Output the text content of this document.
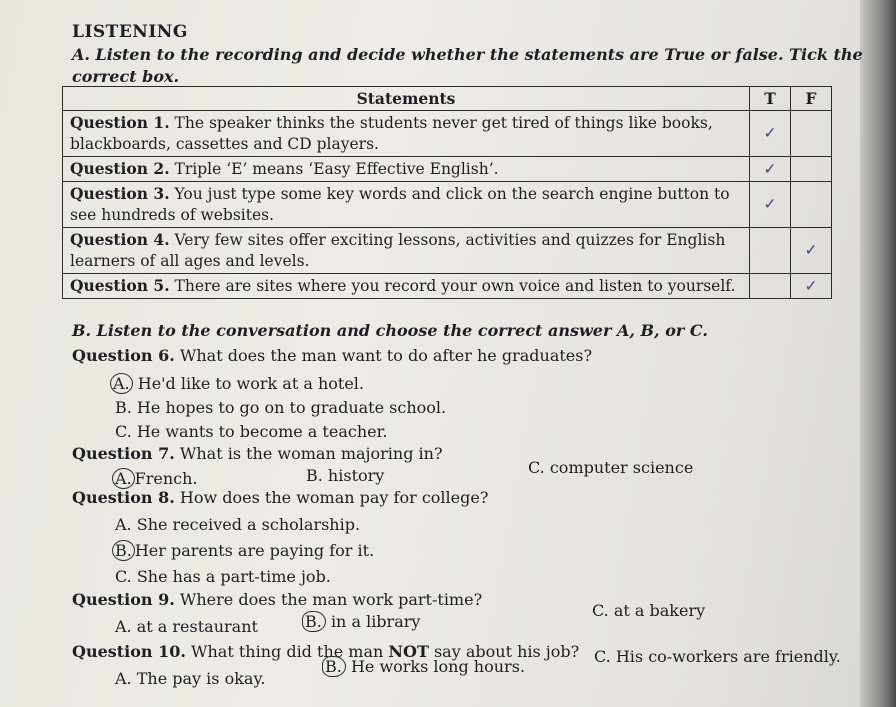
LISTENING
A. Listen to the recording and decide whether the statements are True or false. Tick the
correct box.
Statements	T	F
Question 1. The speaker thinks the students never get tired of things like books, blackboards, cassettes and CD players.	✓	
Question 2. Triple ‘E’ means ‘Easy Effective English’.	✓	
Question 3. You just type some key words and click on the search engine button to see hundreds of websites.	✓	
Question 4. Very few sites offer exciting lessons, activities and quizzes for English learners of all ages and levels.		✓
Question 5. There are sites where you record your own voice and listen to yourself.		✓
B. Listen to the conversation and choose the correct answer A, B, or C.
Question 6. What does the man want to do after he graduates?
A. He'd like to work at a hotel.
B. He hopes to go on to graduate school.
C. He wants to become a teacher.
Question 7. What is the woman majoring in?
A. French.	B. history	C. computer science
Question 8. How does the woman pay for college?
A. She received a scholarship.
B. Her parents are paying for it.
C. She has a part-time job.
Question 9. Where does the man work part-time?
A. at a restaurant	B. in a library
C. at a bakery
Question 10. What thing did the man NOT say about his job?
A. The pay is okay.
B. He works long hours.
C. His co-workers are friendly.
